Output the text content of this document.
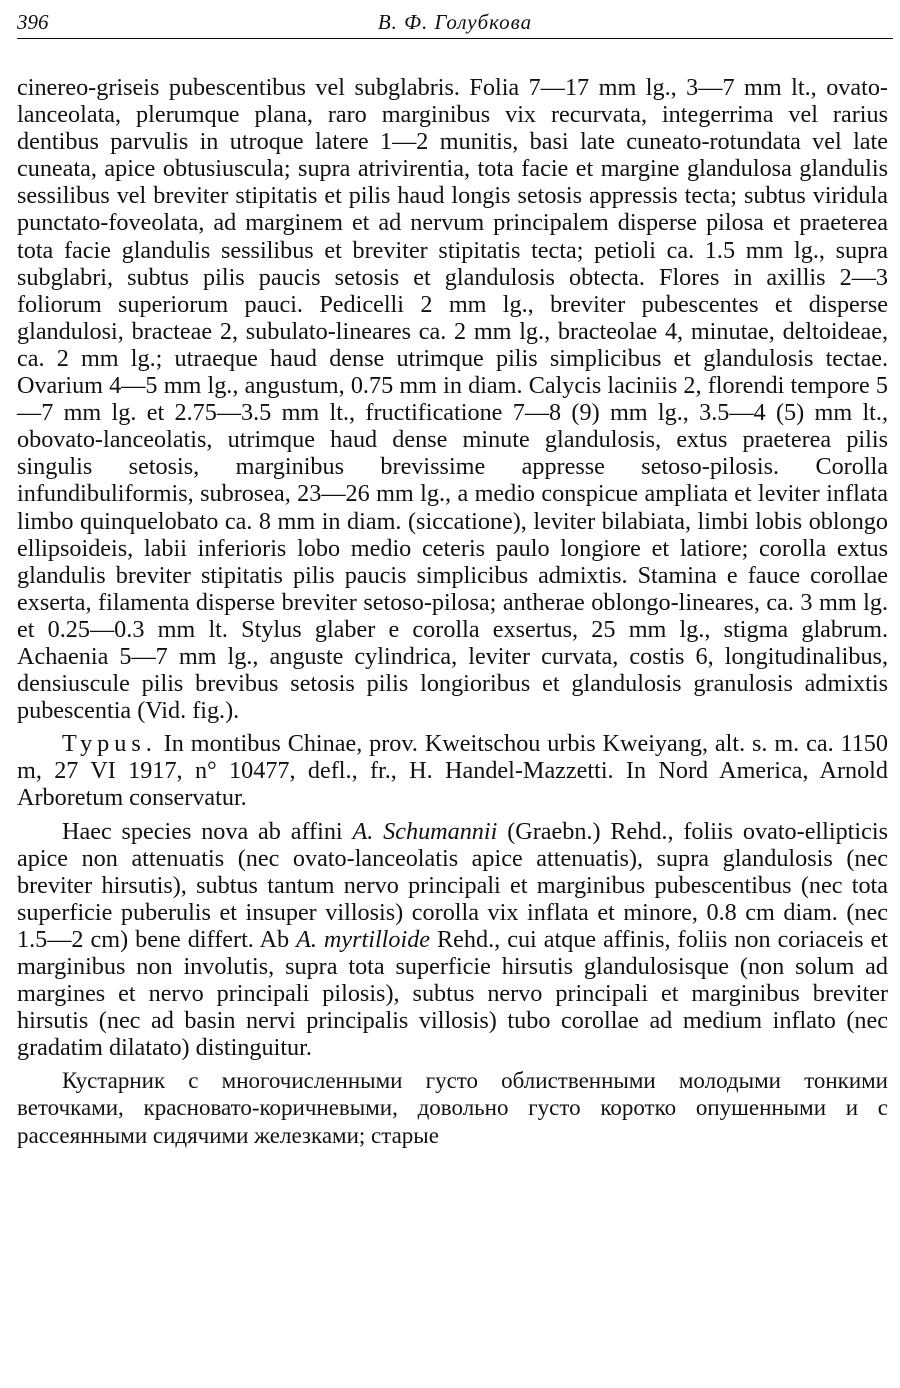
396	В. Ф. Голубкова

cinereo-griseis pubescentibus vel subglabris. Folia 7—17 mm lg., 3—7 mm lt., ovato-lanceolata, plerumque plana, raro marginibus vix recurvata, integerrima vel rarius dentibus parvulis in utroque latere 1—2 munitis, basi late cuneato-rotundata vel late cuneata, apice obtusiuscula; supra atrivirentia, tota facie et margine glandulosa glandulis sessilibus vel breviter stipitatis et pilis haud longis setosis appressis tecta; subtus viridula punctato-foveolata, ad marginem et ad nervum principalem disperse pilosa et praeterea tota facie glandulis sessilibus et breviter stipitatis tecta; petioli ca. 1.5 mm lg., supra subglabri, subtus pilis paucis setosis et glandulosis obtecta. Flores in axillis 2—3 foliorum superiorum pauci. Pedicelli 2 mm lg., breviter pubescentes et disperse glandulosi, bracteae 2, subulato-lineares ca. 2 mm lg., bracteolae 4, minutae, deltoideae, ca. 2 mm lg.; utraeque haud dense utrimque pilis simplicibus et glandulosis tectae. Ovarium 4—5 mm lg., angustum, 0.75 mm in diam. Calycis laciniis 2, florendi tempore 5—7 mm lg. et 2.75—3.5 mm lt., fructificatione 7—8 (9) mm lg., 3.5—4 (5) mm lt., obovato-lanceolatis, utrimque haud dense minute glandulosis, extus praeterea pilis singulis setosis, marginibus brevissime appresse setoso-pilosis. Corolla infundibuliformis, subrosea, 23—26 mm lg., a medio conspicue ampliata et leviter inflata limbo quinquelobato ca. 8 mm in diam. (siccatione), leviter bilabiata, limbi lobis oblongo ellipsoideis, labii inferioris lobo medio ceteris paulo longiore et latiore; corolla extus glandulis breviter stipitatis pilis paucis simplicibus admixtis. Stamina e fauce corollae exserta, filamenta disperse breviter setoso-pilosa; antherae oblongo-lineares, ca. 3 mm lg. et 0.25—0.3 mm lt. Stylus glaber e corolla exsertus, 25 mm lg., stigma glabrum. Achaenia 5—7 mm lg., anguste cylindrica, leviter curvata, costis 6, longitudinalibus, densiuscule pilis brevibus setosis pilis longioribus et glandulosis granulosis admixtis pubescentia (Vid. fig.).

Typus. In montibus Chinae, prov. Kweitschou urbis Kweiyang, alt. s. m. ca. 1150 m, 27 VI 1917, n° 10477, defl., fr., H. Handel-Mazzetti. In Nord America, Arnold Arboretum conservatur.

Haec species nova ab affini A. Schumannii (Graebn.) Rehd., foliis ovato-ellipticis apice non attenuatis (nec ovato-lanceolatis apice attenuatis), supra glandulosis (nec breviter hirsutis), subtus tantum nervo principali et marginibus pubescentibus (nec tota superficie puberulis et insuper villosis) corolla vix inflata et minore, 0.8 cm diam. (nec 1.5—2 cm) bene differt. Ab A. myrtilloide Rehd., cui atque affinis, foliis non coriaceis et marginibus non involutis, supra tota superficie hirsutis glandulosisque (non solum ad margines et nervo principali pilosis), subtus nervo principali et marginibus breviter hirsutis (nec ad basin nervi principalis villosis) tubo corollae ad medium inflato (nec gradatim dilatato) distinguitur.

Кустарник с многочисленными густо облиственными молодыми тонкими веточками, красновато-коричневыми, довольно густо коротко опушенными и с рассеянными сидячими железками; старые
